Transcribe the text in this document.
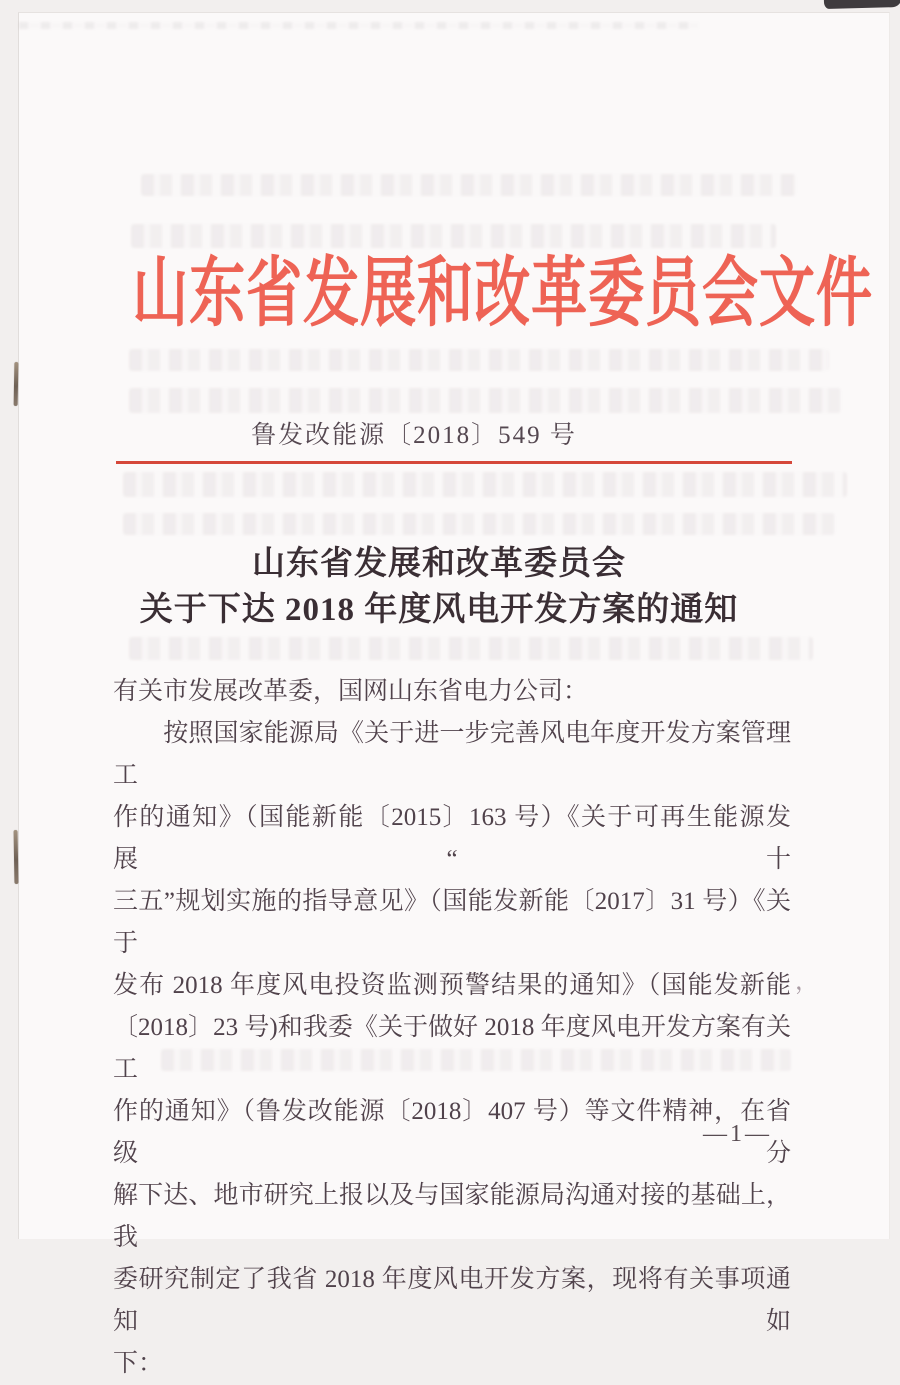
山东省发展和改革委员会文件
鲁发改能源〔2018〕549 号
山东省发展和改革委员会
关于下达 2018 年度风电开发方案的通知
有关市发展改革委，国网山东省电力公司：
　　按照国家能源局《关于进一步完善风电年度开发方案管理工
作的通知》（国能新能〔2015〕163 号）《关于可再生能源发展“十
三五”规划实施的指导意见》（国能发新能〔2017〕31 号）《关于
发布 2018 年度风电投资监测预警结果的通知》（国能发新能
〔2018〕23 号)和我委《关于做好 2018 年度风电开发方案有关工
作的通知》（鲁发改能源〔2018〕407 号）等文件精神，在省级分
解下达、地市研究上报以及与国家能源局沟通对接的基础上，我
委研究制定了我省 2018 年度风电开发方案，现将有关事项通知如
下：
，
—1—
